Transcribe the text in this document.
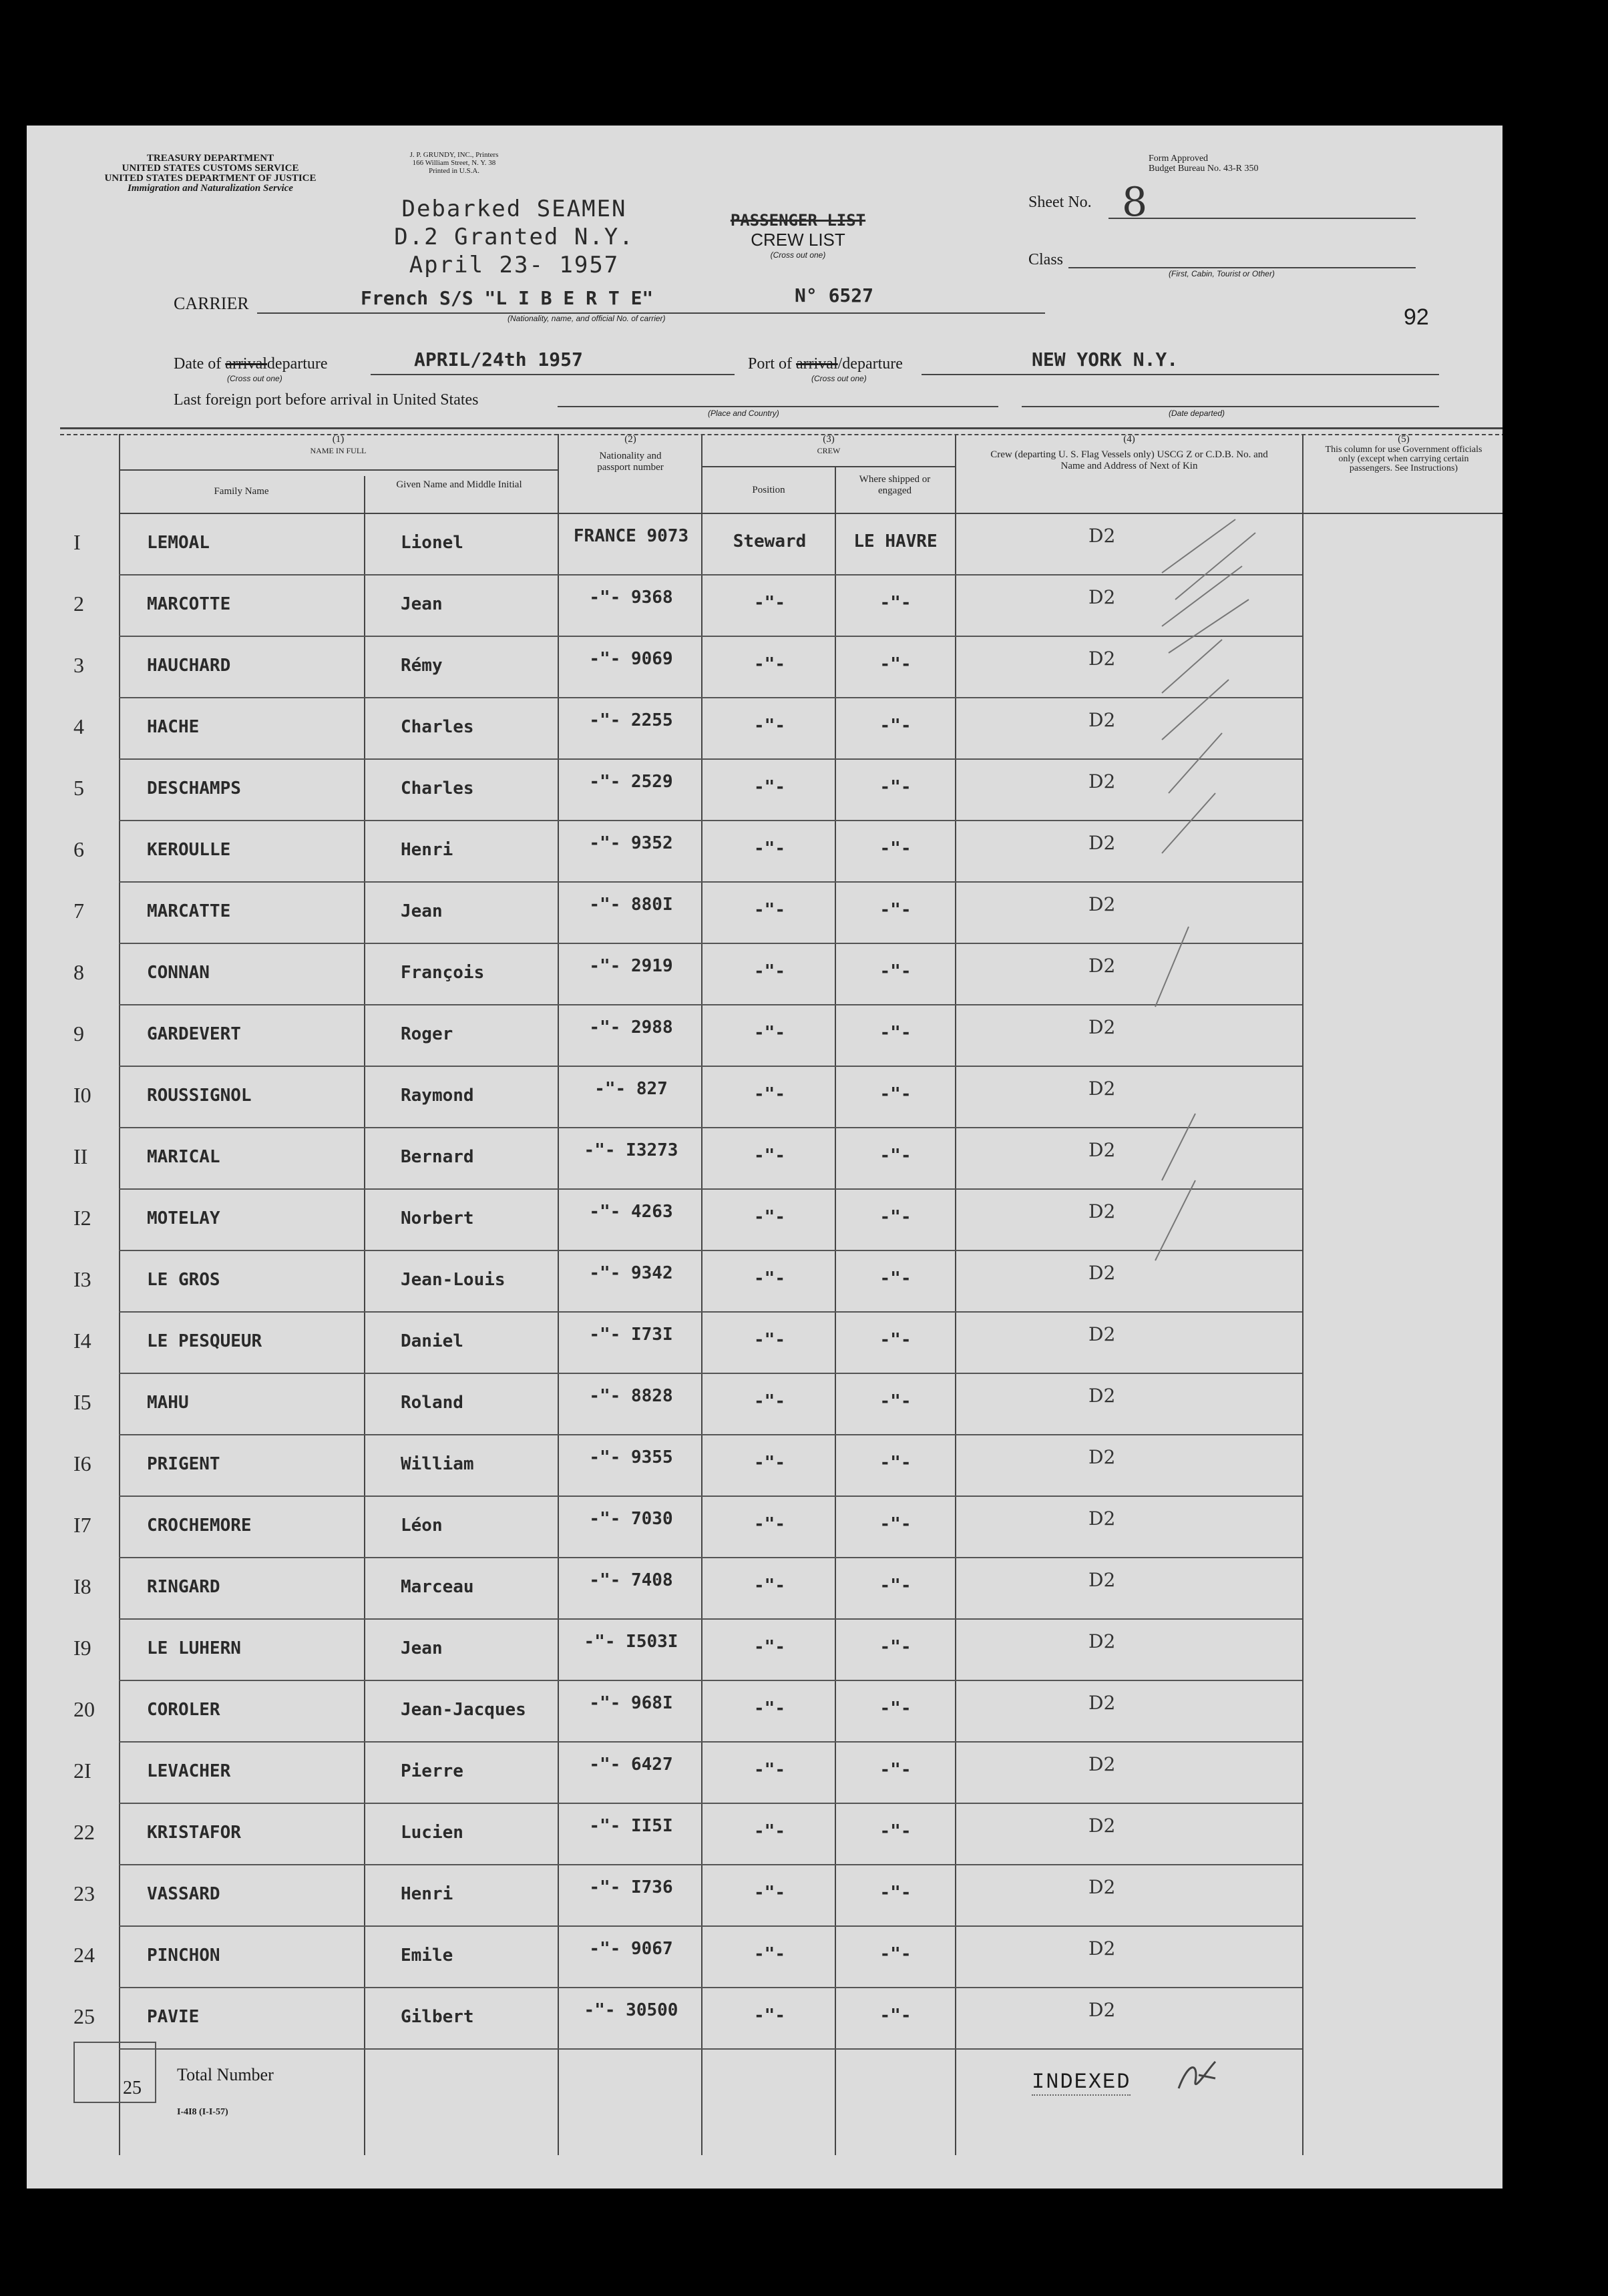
TREASURY DEPARTMENT
UNITED STATES CUSTOMS SERVICE
UNITED STATES DEPARTMENT OF JUSTICE
Immigration and Naturalization Service
J. P. GRUNDY, INC., Printers
166 William Street, N. Y. 38
Printed in U.S.A.
Debarked SEAMEN
D.2 Granted N.Y.
April 23- 1957
PASSENGER LIST
CREW LIST
(Cross out one)
Form Approved
Budget Bureau No. 43-R 350
Sheet No. 8
Class
(First, Cabin, Tourist or Other)
92
CARRIER	French S/S "L I B E R T E"	N° 6527
(Nationality, name, and official No. of carrier)
Date of arrivaldeparture
(Cross out one)
APRIL/24th 1957	Port of arrival/departure
(Cross out one)
NEW YORK N.Y.
Last foreign port before arrival in United States
(Place and Country)	(Date departed)
(1)
NAME IN FULL
Family Name
Given Name and Middle Initial
(2)
Nationality and passport number
(3)
CREW
Position
Where shipped or engaged
(4)
Crew (departing U. S. Flag Vessels only) USCG Z or C.D.B. No. and Name and Address of Next of Kin
(5)
This column for use Government officials only (except when carrying certain passengers. See Instructions)
I	LEMOAL	Lionel	FRANCE 9073	Steward	LE HAVRE	D2
2	MARCOTTE	Jean	-"- 9368	-"-	-"-	D2
3	HAUCHARD	Rémy	-"- 9069	-"-	-"-	D2
4	HACHE	Charles	-"- 2255	-"-	-"-	D2
5	DESCHAMPS	Charles	-"- 2529	-"-	-"-	D2
6	KEROULLE	Henri	-"- 9352	-"-	-"-	D2
7	MARCATTE	Jean	-"- 880I	-"-	-"-	D2
8	CONNAN	François	-"- 2919	-"-	-"-	D2
9	GARDEVERT	Roger	-"- 2988	-"-	-"-	D2
I0	ROUSSIGNOL	Raymond	-"- 827	-"-	-"-	D2
II	MARICAL	Bernard	-"- I3273	-"-	-"-	D2
I2	MOTELAY	Norbert	-"- 4263	-"-	-"-	D2
I3	LE GROS	Jean-Louis	-"- 9342	-"-	-"-	D2
I4	LE PESQUEUR	Daniel	-"- I73I	-"-	-"-	D2
I5	MAHU	Roland	-"- 8828	-"-	-"-	D2
I6	PRIGENT	William	-"- 9355	-"-	-"-	D2
I7	CROCHEMORE	Léon	-"- 7030	-"-	-"-	D2
I8	RINGARD	Marceau	-"- 7408	-"-	-"-	D2
I9	LE LUHERN	Jean	-"- I503I	-"-	-"-	D2
20	COROLER	Jean-Jacques	-"- 968I	-"-	-"-	D2
2I	LEVACHER	Pierre	-"- 6427	-"-	-"-	D2
22	KRISTAFOR	Lucien	-"- II5I	-"-	-"-	D2
23	VASSARD	Henri	-"- I736	-"-	-"-	D2
24	PINCHON	Emile	-"- 9067	-"-	-"-	D2
25	PAVIE	Gilbert	-"- 30500	-"-	-"-	D2
25
Total Number
I-4I8 (I-I-57)
INDEXED
